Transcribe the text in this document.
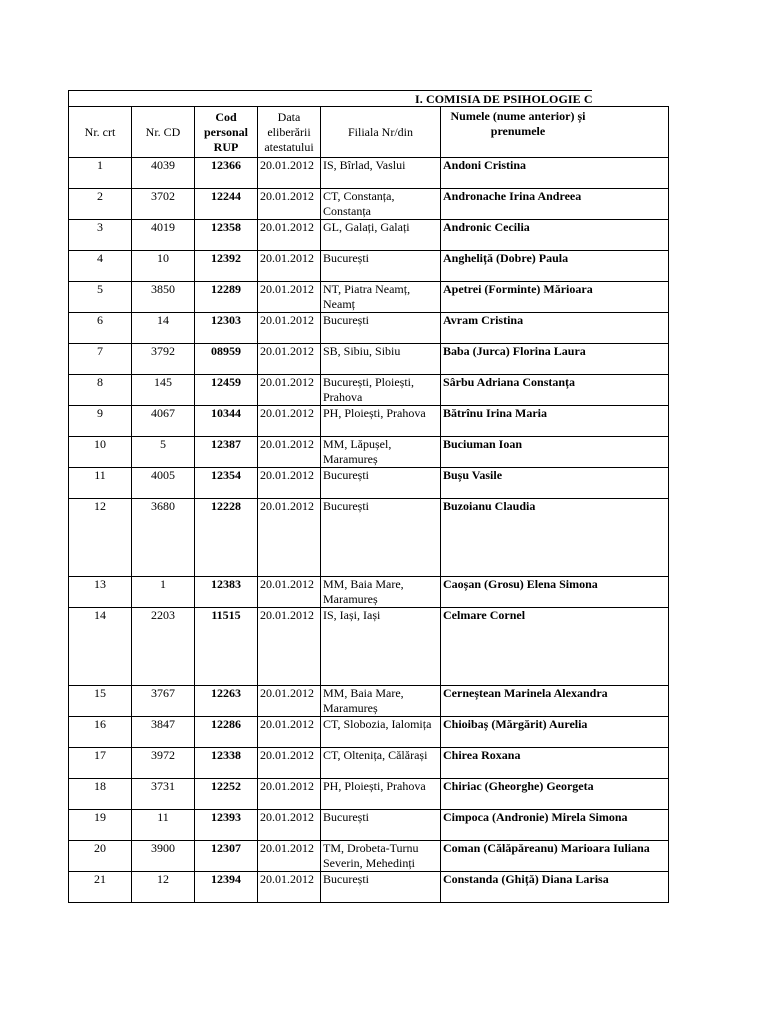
I. COMISIA DE PSIHOLOGIE C
Nr. crt	Nr. CD	Cod personal RUP	Data eliberării atestatului	Filiala Nr/din	Numele (nume anterior) și prenumele

1	4039	12366	20.01.2012	IS, Bîrlad, Vaslui	Andoni Cristina
2	3702	12244	20.01.2012	CT, Constanța, Constanța	Andronache Irina Andreea
3	4019	12358	20.01.2012	GL, Galați, Galați	Andronic Cecilia
4	10	12392	20.01.2012	București	Angheliță (Dobre) Paula
5	3850	12289	20.01.2012	NT, Piatra Neamț, Neamț	Apetrei (Forminte) Mărioara
6	14	12303	20.01.2012	București	Avram Cristina
7	3792	08959	20.01.2012	SB, Sibiu, Sibiu	Baba (Jurca) Florina Laura
8	145	12459	20.01.2012	București, Ploiești, Prahova	Sârbu Adriana Constanța
9	4067	10344	20.01.2012	PH, Ploiești, Prahova	Bătrînu Irina Maria
10	5	12387	20.01.2012	MM, Lăpușel, Maramureș	Buciuman Ioan
11	4005	12354	20.01.2012	București	Bușu Vasile
12	3680	12228	20.01.2012	București	Buzoianu Claudia
13	1	12383	20.01.2012	MM, Baia Mare, Maramureș	Caoșan (Grosu) Elena Simona
14	2203	11515	20.01.2012	IS, Iași, Iași	Celmare Cornel
15	3767	12263	20.01.2012	MM, Baia Mare, Maramureș	Cerneștean Marinela Alexandra
16	3847	12286	20.01.2012	CT, Slobozia, Ialomița	Chioibaș (Mărgărit) Aurelia
17	3972	12338	20.01.2012	CT, Oltenița, Călărași	Chirea Roxana
18	3731	12252	20.01.2012	PH, Ploiești, Prahova	Chiriac (Gheorghe) Georgeta
19	11	12393	20.01.2012	București	Cimpoca (Andronie) Mirela Simona
20	3900	12307	20.01.2012	TM, Drobeta-Turnu Severin, Mehedinți	Coman (Călăpăreanu) Marioara Iuliana
21	12	12394	20.01.2012	București	Constanda (Ghiță) Diana Larisa
